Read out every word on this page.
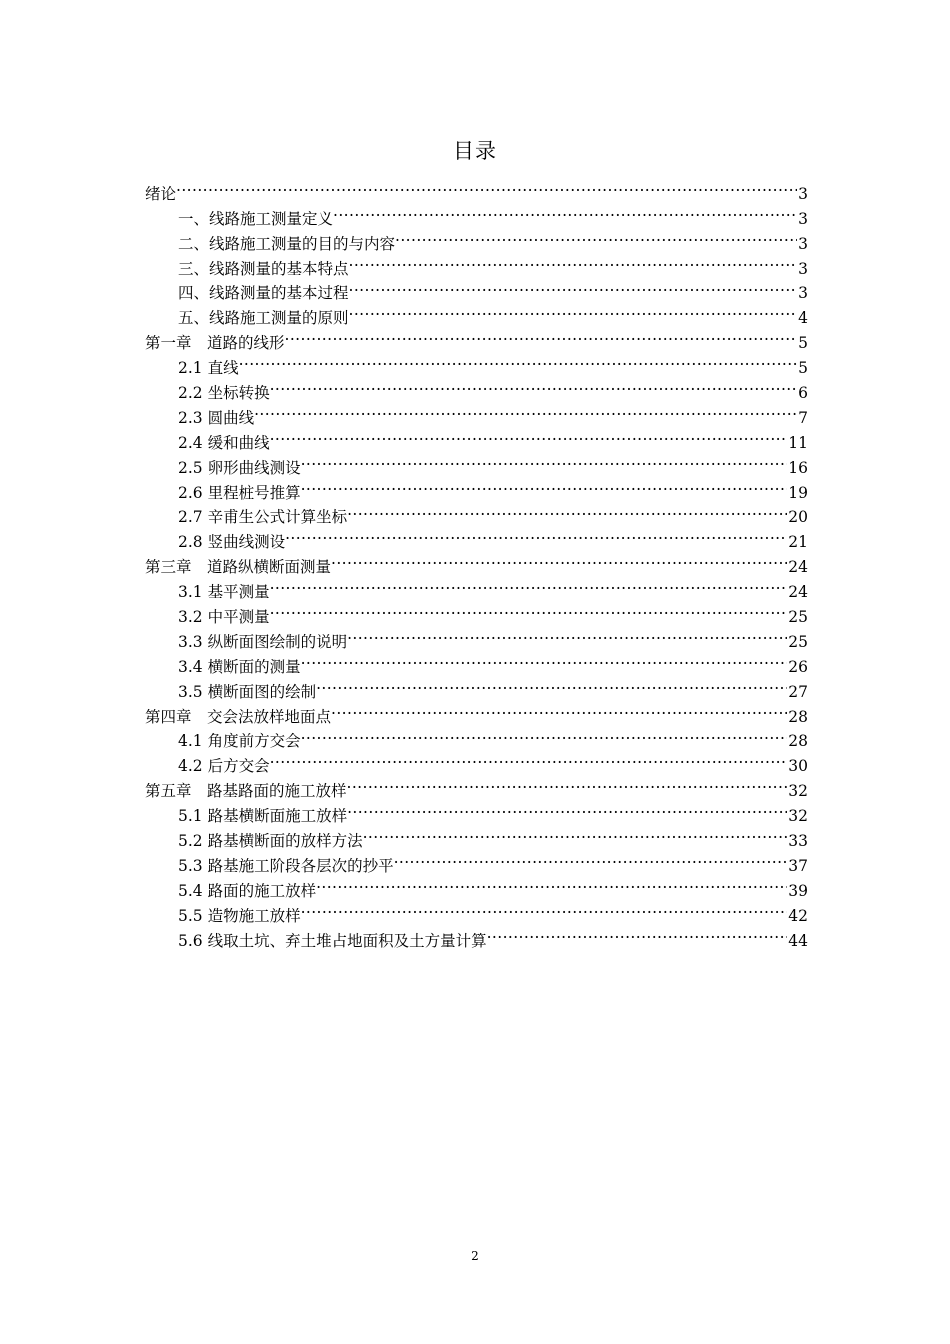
目录
绪论 .....	3
一、线路施工测量定义 .....	3
二、线路施工测量的目的与内容 .....	3
三、线路测量的基本特点 .....	3
四、线路测量的基本过程 .....	3
五、线路施工测量的原则 .....	4
第一章　道路的线形 .....	5
2.1 直线 .....	5
2.2 坐标转换 .....	6
2.3 圆曲线 .....	7
2.4 缓和曲线 .....	11
2.5 卵形曲线测设 .....	16
2.6 里程桩号推算 .....	19
2.7 辛甫生公式计算坐标 .....	20
2.8 竖曲线测设 .....	21
第三章　道路纵横断面测量 .....	24
3.1 基平测量 .....	24
3.2 中平测量 .....	25
3.3 纵断面图绘制的说明 .....	25
3.4 横断面的测量 .....	26
3.5 横断面图的绘制 .....	27
第四章　交会法放样地面点 .....	28
4.1 角度前方交会 .....	28
4.2 后方交会 .....	30
第五章　路基路面的施工放样 .....	32
5.1 路基横断面施工放样 .....	32
5.2 路基横断面的放样方法 .....	33
5.3 路基施工阶段各层次的抄平 .....	37
5.4 路面的施工放样 .....	39
5.5 造物施工放样 .....	42
5.6 线取土坑、弃土堆占地面积及土方量计算 .....	44
2
